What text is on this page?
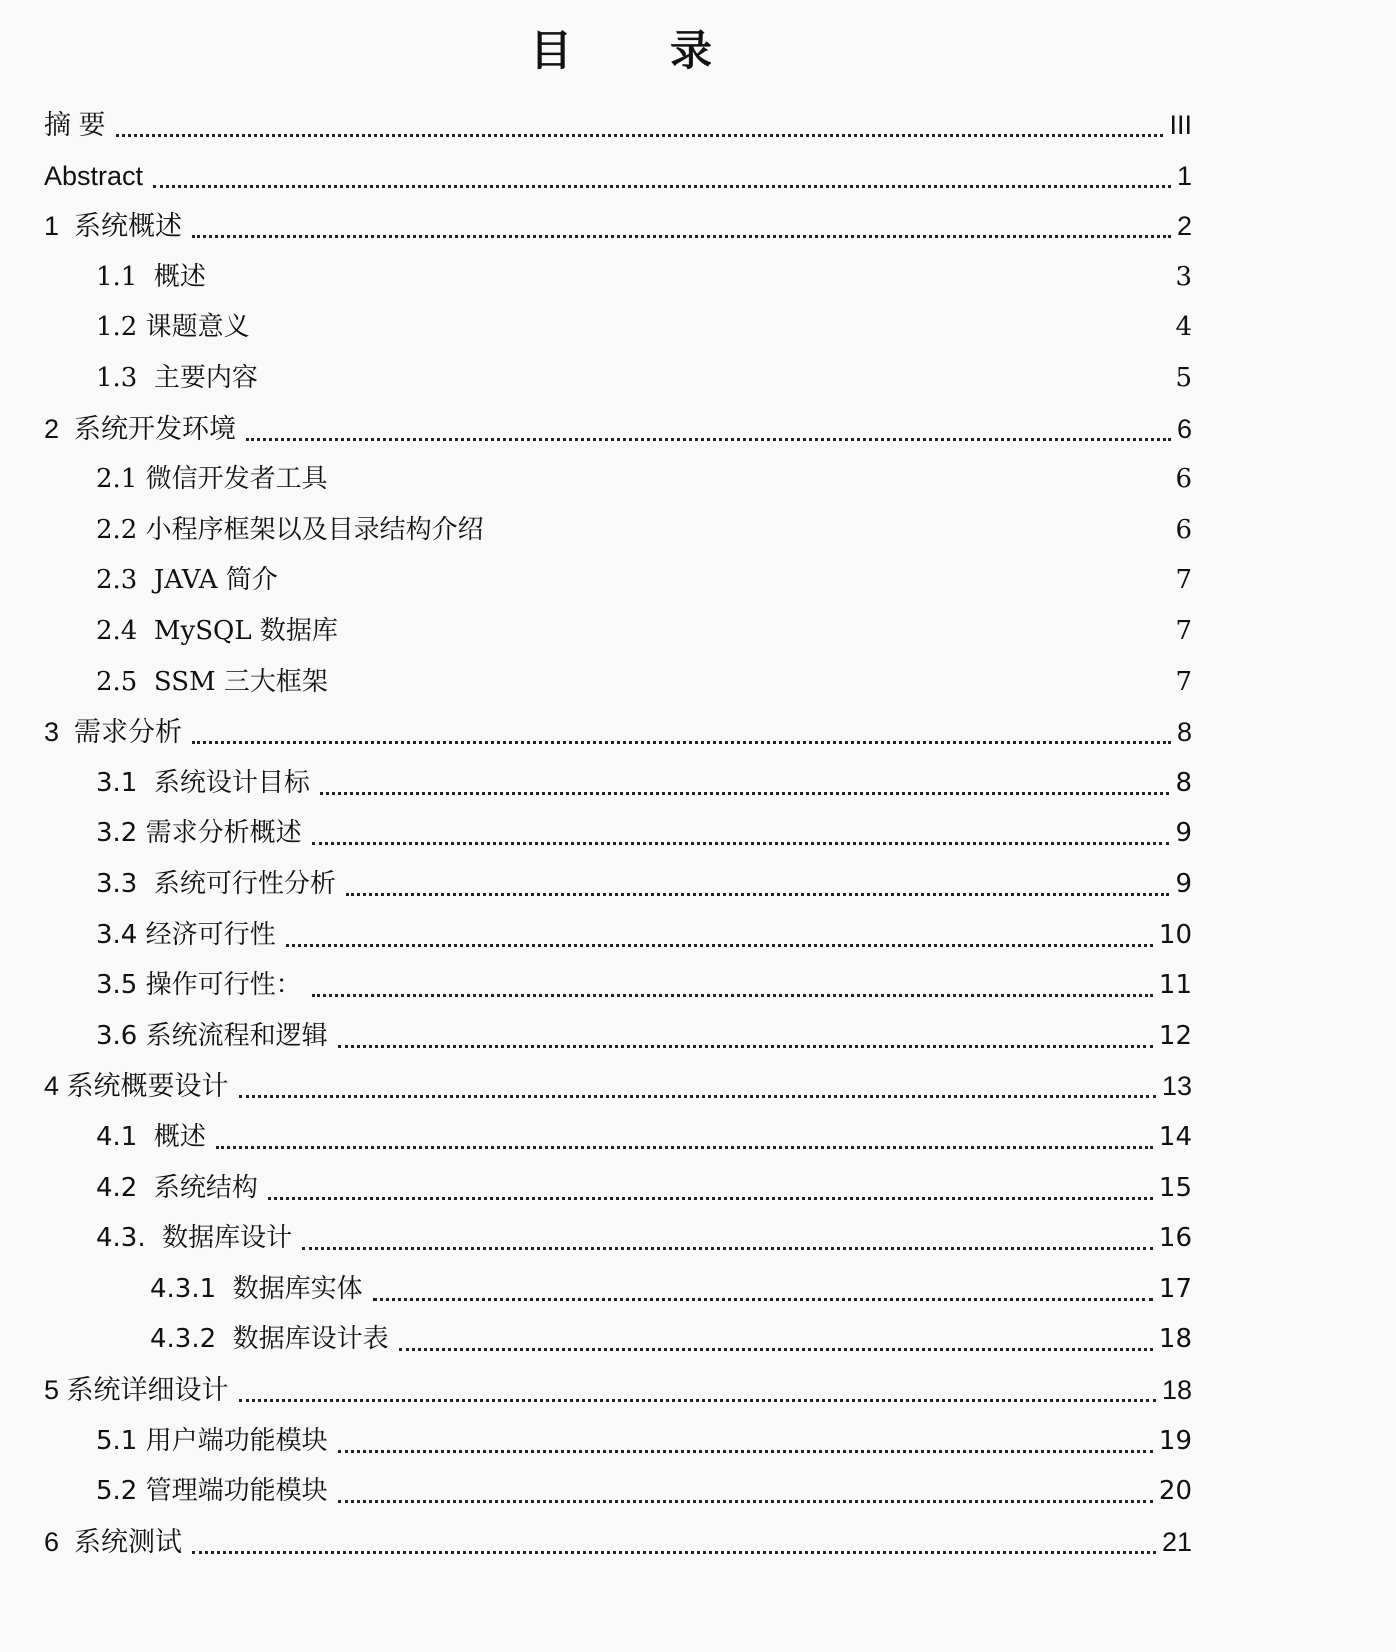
目　录
摘 要	III
Abstract	1
1  系统概述	2
1.1  概述	3
1.2 课题意义	4
1.3  主要内容	5
2  系统开发环境	6
2.1 微信开发者工具	6
2.2 小程序框架以及目录结构介绍	6
2.3  JAVA 简介	7
2.4  MySQL 数据库	7
2.5  SSM 三大框架	7
3  需求分析	8
3.1  系统设计目标	8
3.2 需求分析概述	9
3.3  系统可行性分析	9
3.4 经济可行性	10
3.5 操作可行性：	11
3.6 系统流程和逻辑	12
4 系统概要设计	13
4.1  概述	14
4.2  系统结构	15
4.3.  数据库设计	16
4.3.1  数据库实体	17
4.3.2  数据库设计表	18
5 系统详细设计	18
5.1 用户端功能模块	19
5.2 管理端功能模块	20
6  系统测试	21
